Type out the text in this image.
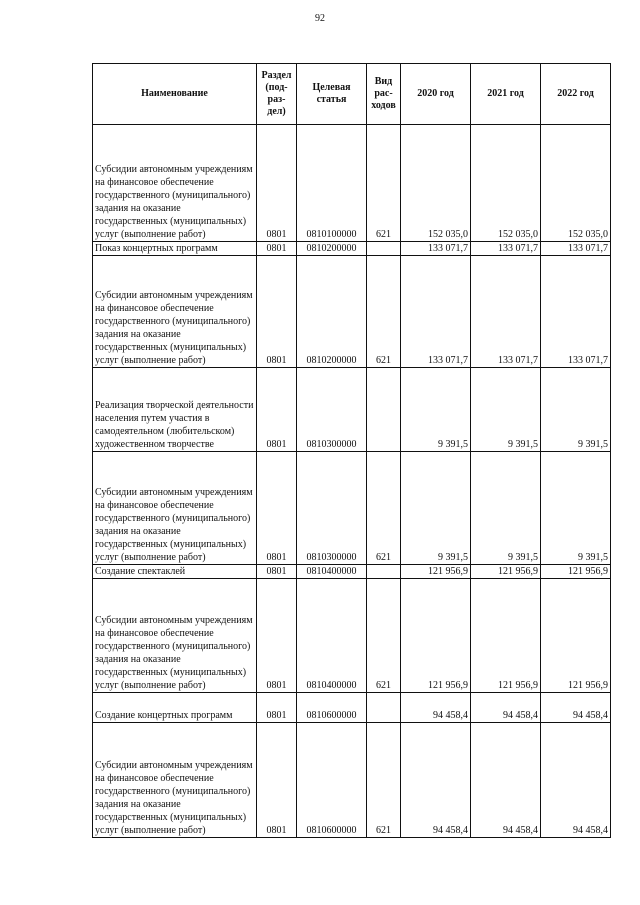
92
Наименование	Раздел (под- раз- дел)	Целевая статья	Вид рас- ходов	2020 год	2021 год	2022 год
Субсидии автономным учреждениям на финансовое обеспечение государственного (муниципального) задания на оказание государственных (муниципальных) услуг (выполнение работ)	0801	0810100000	621	152 035,0	152 035,0	152 035,0
Показ концертных программ	0801	0810200000		133 071,7	133 071,7	133 071,7
Субсидии автономным учреждениям на финансовое обеспечение государственного (муниципального) задания на оказание государственных (муниципальных) услуг (выполнение работ)	0801	0810200000	621	133 071,7	133 071,7	133 071,7
Реализация творческой деятельности населения путем участия в самодеятельном (любительском) художественном творчестве	0801	0810300000		9 391,5	9 391,5	9 391,5
Субсидии автономным учреждениям на финансовое обеспечение государственного (муниципального) задания на оказание государственных (муниципальных) услуг (выполнение работ)	0801	0810300000	621	9 391,5	9 391,5	9 391,5
Создание спектаклей	0801	0810400000		121 956,9	121 956,9	121 956,9
Субсидии автономным учреждениям на финансовое обеспечение государственного (муниципального) задания на оказание государственных (муниципальных) услуг (выполнение работ)	0801	0810400000	621	121 956,9	121 956,9	121 956,9
Создание концертных программ	0801	0810600000		94 458,4	94 458,4	94 458,4
Субсидии автономным учреждениям на финансовое обеспечение государственного (муниципального) задания на оказание государственных (муниципальных) услуг (выполнение работ)	0801	0810600000	621	94 458,4	94 458,4	94 458,4
